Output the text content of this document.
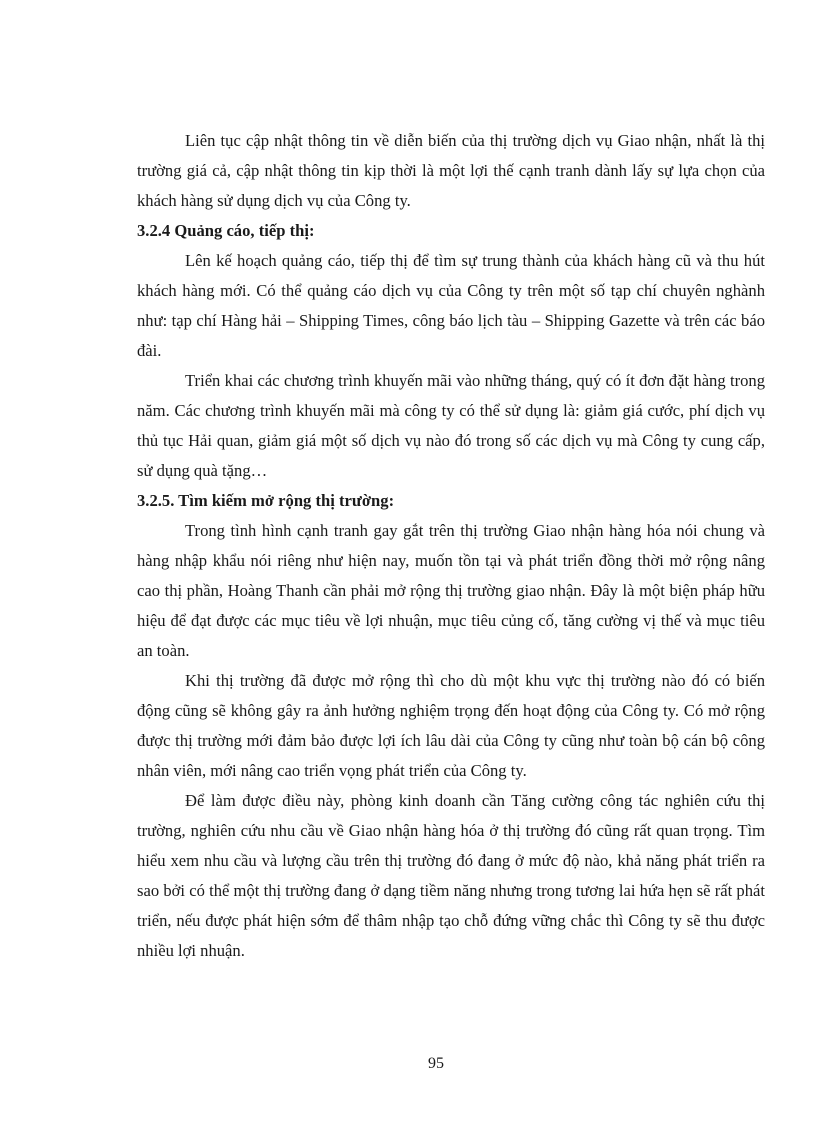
Liên tục cập nhật thông tin về diễn biến của thị trường dịch vụ Giao nhận, nhất là thị trường giá cả, cập nhật thông tin kịp thời là một lợi thế cạnh tranh dành lấy sự lựa chọn của khách hàng sử dụng dịch vụ của Công ty.

3.2.4 Quảng cáo, tiếp thị:

Lên kế hoạch quảng cáo, tiếp thị để tìm sự trung thành của khách hàng cũ và thu hút khách hàng mới. Có thể quảng cáo dịch vụ của Công ty trên một số tạp chí chuyên nghành như: tạp chí Hàng hải – Shipping Times, công báo lịch tàu – Shipping Gazette và trên các báo đài.

Triển khai các chương trình khuyến mãi vào những tháng, quý có ít đơn đặt hàng trong năm. Các chương trình khuyến mãi mà công ty có thể sử dụng là: giảm giá cước, phí dịch vụ thủ tục Hải quan, giảm giá một số dịch vụ nào đó trong số các dịch vụ mà Công ty cung cấp, sử dụng quà tặng…

3.2.5. Tìm kiếm mở rộng thị trường:

Trong tình hình cạnh tranh gay gắt trên thị trường Giao nhận hàng hóa nói chung và hàng nhập khẩu nói riêng như hiện nay, muốn tồn tại và phát triển đồng thời mở rộng nâng cao thị phần, Hoàng Thanh cần phải mở rộng thị trường giao nhận. Đây là một biện pháp hữu hiệu để đạt được các mục tiêu về lợi nhuận, mục tiêu củng cố, tăng cường vị thế và mục tiêu an toàn.

Khi thị trường đã được mở rộng thì cho dù một khu vực thị trường nào đó có biến động cũng sẽ không gây ra ảnh hưởng nghiệm trọng đến hoạt động của Công ty. Có mở rộng được thị trường mới đảm bảo được lợi ích lâu dài của Công ty cũng như toàn bộ cán bộ công nhân viên, mới nâng cao triển vọng phát triển của Công ty.

Để làm được điều này, phòng kinh doanh cần Tăng cường công tác nghiên cứu thị trường, nghiên cứu nhu cầu về Giao nhận hàng hóa ở thị trường đó cũng rất quan trọng. Tìm hiểu xem nhu cầu và lượng cầu trên thị trường đó đang ở mức độ nào, khả năng phát triển ra sao bởi có thể một thị trường đang ở dạng tiềm năng nhưng trong tương lai hứa hẹn sẽ rất phát triển, nếu được phát hiện sớm để thâm nhập tạo chỗ đứng vững chắc thì Công ty sẽ thu được nhiều lợi nhuận.

95
